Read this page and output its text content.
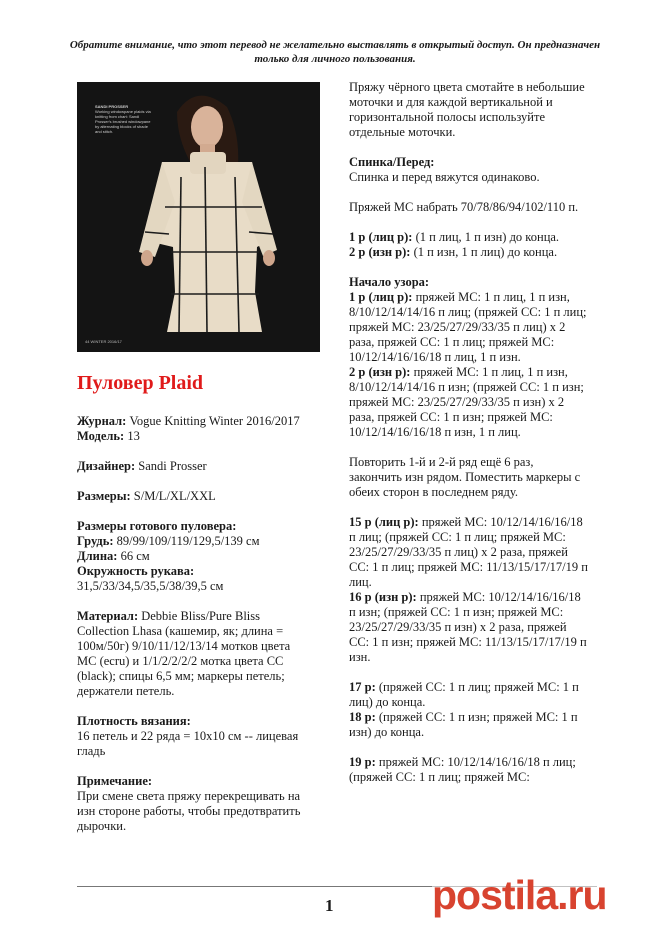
Обратите внимание, что этот перевод не желательно выставлять в открытый доступ. Он предназначен только для личного пользования.
SANDI PROSSER
Working windowpane plaids via knitting from chart: Sandi Prosser's brushed windowpane by alternating blocks of shade and stitch.
IN LUXE YARN, WINDOWPANE PLAID EXUDES EASY ELEGANCE
44 WINTER 2016/17
Пуловер Plaid

Журнал: Vogue Knitting Winter 2016/2017

Модель: 13

Дизайнер: Sandi Prosser

Размеры: S/M/L/XL/XXL

Размеры готового пуловера:

Грудь: 89/99/109/119/129,5/139 см

Длина: 66 см

Окружность рукава:

31,5/33/34,5/35,5/38/39,5 см

Материал: Debbie Bliss/Pure Bliss Collection Lhasa (кашемир, як; длина = 100м/50г) 9/10/11/12/13/14 мотков цвета МС (ecru) и 1/1/2/2/2/2 мотка цвета СС (black); спицы 6,5 мм; маркеры петель; держатели петель.

Плотность вязания:

16 петель и 22 ряда = 10х10 см -- лицевая гладь

Примечание:

При смене света пряжу перекрещивать на изн стороне работы, чтобы предотвратить дырочки.

Пряжу чёрного цвета смотайте в небольшие моточки и для каждой вертикальной и горизонтальной полосы используйте отдельные моточки.

Спинка/Перед:

Спинка и перед вяжутся одинаково.

Пряжей МС набрать 70/78/86/94/102/110 п.

1 р (лиц р): (1 п лиц, 1 п изн) до конца.

2 р (изн р): (1 п изн, 1 п лиц) до конца.

Начало узора:

1 р (лиц р): пряжей МС: 1 п лиц, 1 п изн, 8/10/12/14/14/16 п лиц; (пряжей СС: 1 п лиц; пряжей МС: 23/25/27/29/33/35 п лиц) х 2 раза, пряжей СС: 1 п лиц; пряжей МС: 10/12/14/16/16/18 п лиц, 1 п изн.

2 р (изн р): пряжей МС: 1 п лиц, 1 п изн, 8/10/12/14/14/16 п изн; (пряжей СС: 1 п изн; пряжей МС: 23/25/27/29/33/35 п изн) х 2 раза, пряжей СС: 1 п изн; пряжей МС: 10/12/14/16/16/18 п изн, 1 п лиц.

Повторить 1-й и 2-й ряд ещё 6 раз, закончить изн рядом. Поместить маркеры с обеих сторон в последнем ряду.

15 р (лиц р): пряжей МС: 10/12/14/16/16/18 п лиц; (пряжей СС: 1 п лиц; пряжей МС: 23/25/27/29/33/35 п лиц) х 2 раза, пряжей СС: 1 п лиц; пряжей МС: 11/13/15/17/17/19 п лиц.

16 р (изн р): пряжей МС: 10/12/14/16/16/18 п изн; (пряжей СС: 1 п изн; пряжей МС: 23/25/27/29/33/35 п изн) х 2 раза, пряжей СС: 1 п изн; пряжей МС: 11/13/15/17/17/19 п изн.

17 р: (пряжей СС: 1 п лиц; пряжей МС: 1 п лиц) до конца.

18 р: (пряжей СС: 1 п изн; пряжей МС: 1 п изн) до конца.

19 р: пряжей МС: 10/12/14/16/16/18 п лиц; (пряжей СС: 1 п лиц; пряжей МС:

1 postila.ru
